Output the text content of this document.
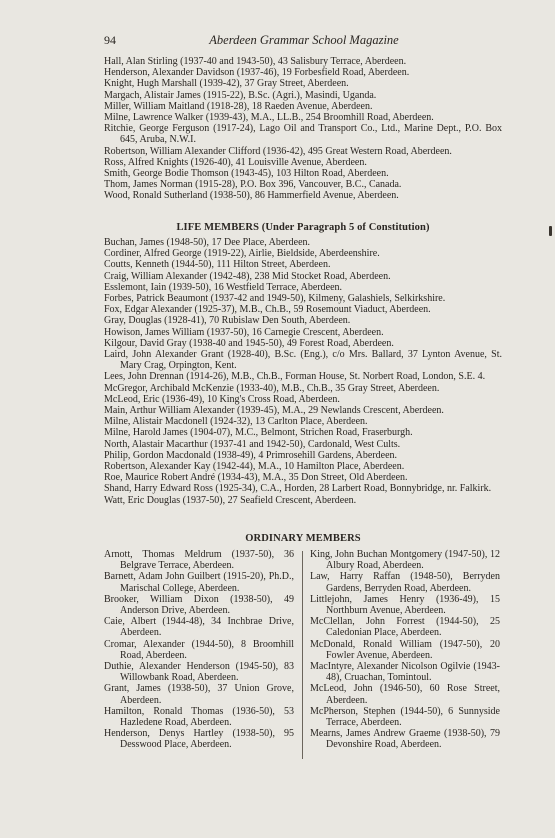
94	Aberdeen Grammar School Magazine
Hall, Alan Stirling (1937-40 and 1943-50), 43 Salisbury Terrace, Aberdeen.
Henderson, Alexander Davidson (1937-46), 19 Forbesfield Road, Aberdeen.
Knight, Hugh Marshall (1939-42), 37 Gray Street, Aberdeen.
Margach, Alistair James (1915-22), B.Sc. (Agri.), Masindi, Uganda.
Miller, William Maitland (1918-28), 18 Raeden Avenue, Aberdeen.
Milne, Lawrence Walker (1939-43), M.A., LL.B., 254 Broomhill Road, Aberdeen.
Ritchie, George Ferguson (1917-24), Lago Oil and Transport Co., Ltd., Marine Dept., P.O. Box 645, Aruba, N.W.I.
Robertson, William Alexander Clifford (1936-42), 495 Great Western Road, Aberdeen.
Ross, Alfred Knights (1926-40), 41 Louisville Avenue, Aberdeen.
Smith, George Bodie Thomson (1943-45), 103 Hilton Road, Aberdeen.
Thom, James Norman (1915-28), P.O. Box 396, Vancouver, B.C., Canada.
Wood, Ronald Sutherland (1938-50), 86 Hammerfield Avenue, Aberdeen.
LIFE MEMBERS (Under Paragraph 5 of Constitution)
Buchan, James (1948-50), 17 Dee Place, Aberdeen.
Cordiner, Alfred George (1919-22), Airlie, Bieldside, Aberdeenshire.
Coutts, Kenneth (1944-50), 111 Hilton Street, Aberdeen.
Craig, William Alexander (1942-48), 238 Mid Stocket Road, Aberdeen.
Esslemont, Iain (1939-50), 16 Westfield Terrace, Aberdeen.
Forbes, Patrick Beaumont (1937-42 and 1949-50), Kilmeny, Galashiels, Selkirkshire.
Fox, Edgar Alexander (1925-37), M.B., Ch.B., 59 Rosemount Viaduct, Aberdeen.
Gray, Douglas (1928-41), 70 Rubislaw Den South, Aberdeen.
Howison, James William (1937-50), 16 Carnegie Crescent, Aberdeen.
Kilgour, David Gray (1938-40 and 1945-50), 49 Forest Road, Aberdeen.
Laird, John Alexander Grant (1928-40), B.Sc. (Eng.), c/o Mrs. Ballard, 37 Lynton Avenue, St. Mary Crag, Orpington, Kent.
Lees, John Drennan (1914-26), M.B., Ch.B., Forman House, St. Norbert Road, London, S.E. 4.
McGregor, Archibald McKenzie (1933-40), M.B., Ch.B., 35 Gray Street, Aberdeen.
McLeod, Eric (1936-49), 10 King's Cross Road, Aberdeen.
Main, Arthur William Alexander (1939-45), M.A., 29 Newlands Crescent, Aberdeen.
Milne, Alistair Macdonell (1924-32), 13 Carlton Place, Aberdeen.
Milne, Harold James (1904-07), M.C., Belmont, Strichen Road, Fraserburgh.
North, Alastair Macarthur (1937-41 and 1942-50), Cardonald, West Cults.
Philip, Gordon Macdonald (1938-49), 4 Primrosehill Gardens, Aberdeen.
Robertson, Alexander Kay (1942-44), M.A., 10 Hamilton Place, Aberdeen.
Roe, Maurice Robert André (1934-43), M.A., 35 Don Street, Old Aberdeen.
Shand, Harry Edward Ross (1925-34), C.A., Horden, 28 Larbert Road, Bonnybridge, nr. Falkirk.
Watt, Eric Douglas (1937-50), 27 Seafield Crescent, Aberdeen.
ORDINARY MEMBERS
Arnott, Thomas Meldrum (1937-50), 36 Belgrave Terrace, Aberdeen.
Barnett, Adam John Guilbert (1915-20), Ph.D., Marischal College, Aberdeen.
Brooker, William Dixon (1938-50), 49 Anderson Drive, Aberdeen.
Caie, Albert (1944-48), 34 Inchbrae Drive, Aberdeen.
Cromar, Alexander (1944-50), 8 Broomhill Road, Aberdeen.
Duthie, Alexander Henderson (1945-50), 83 Willowbank Road, Aberdeen.
Grant, James (1938-50), 37 Union Grove, Aberdeen.
Hamilton, Ronald Thomas (1936-50), 53 Hazledene Road, Aberdeen.
Henderson, Denys Hartley (1938-50), 95 Desswood Place, Aberdeen.
King, John Buchan Montgomery (1947-50), 12 Albury Road, Aberdeen.
Law, Harry Raffan (1948-50), Berryden Gardens, Berryden Road, Aberdeen.
Littlejohn, James Henry (1936-49), 15 Northburn Avenue, Aberdeen.
McClellan, John Forrest (1944-50), 25 Caledonian Place, Aberdeen.
McDonald, Ronald William (1947-50), 20 Fowler Avenue, Aberdeen.
MacIntyre, Alexander Nicolson Ogilvie (1943-48), Cruachan, Tomintoul.
McLeod, John (1946-50), 60 Rose Street, Aberdeen.
McPherson, Stephen (1944-50), 6 Sunnyside Terrace, Aberdeen.
Mearns, James Andrew Graeme (1938-50), 79 Devonshire Road, Aberdeen.
